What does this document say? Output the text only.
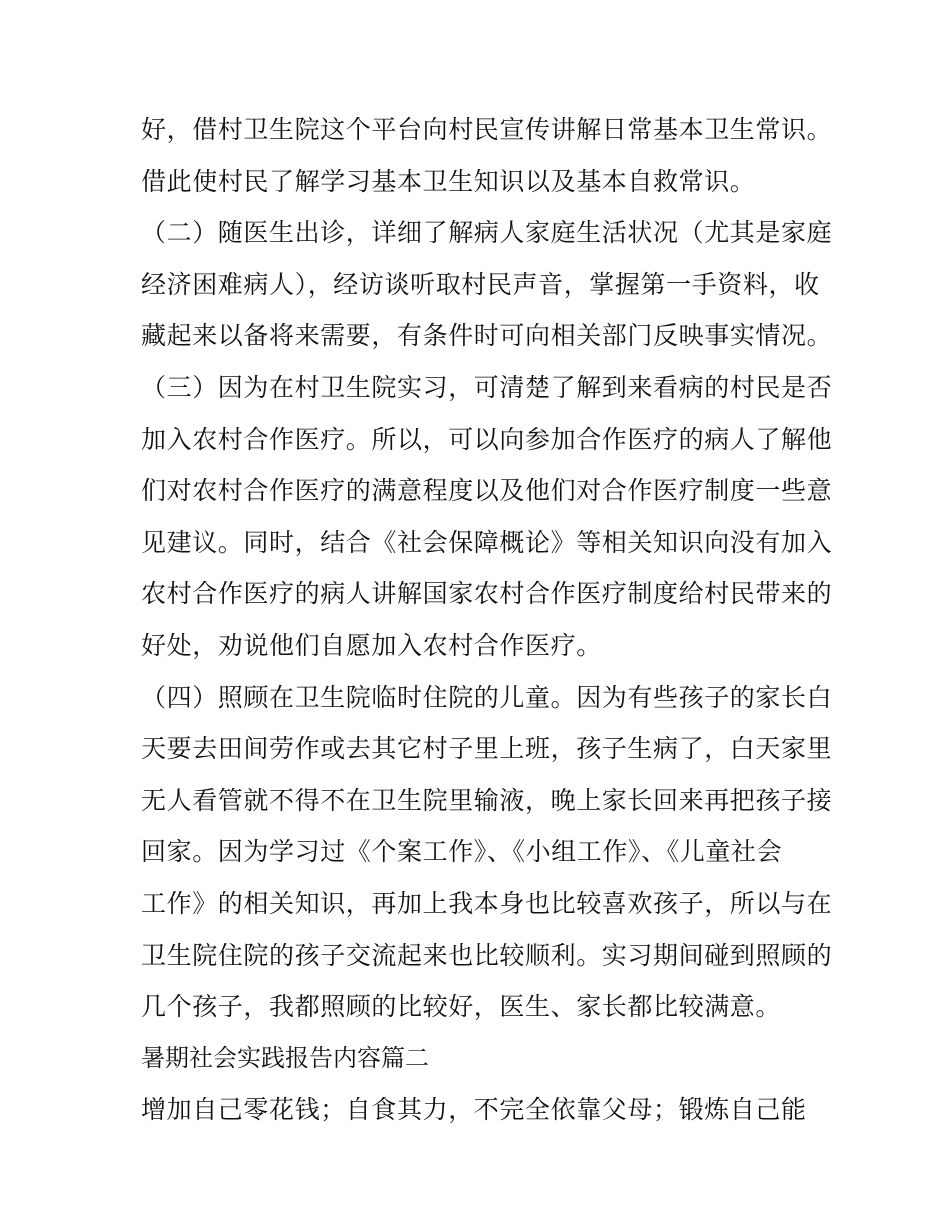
好，借村卫生院这个平台向村民宣传讲解日常基本卫生常识。
借此使村民了解学习基本卫生知识以及基本自救常识。
（二）随医生出诊，详细了解病人家庭生活状况（尤其是家庭
经济困难病人），经访谈听取村民声音，掌握第一手资料，收
藏起来以备将来需要，有条件时可向相关部门反映事实情况。
（三）因为在村卫生院实习，可清楚了解到来看病的村民是否
加入农村合作医疗。所以，可以向参加合作医疗的病人了解他
们对农村合作医疗的满意程度以及他们对合作医疗制度一些意
见建议。同时，结合《社会保障概论》等相关知识向没有加入
农村合作医疗的病人讲解国家农村合作医疗制度给村民带来的
好处，劝说他们自愿加入农村合作医疗。
（四）照顾在卫生院临时住院的儿童。因为有些孩子的家长白
天要去田间劳作或去其它村子里上班，孩子生病了，白天家里
无人看管就不得不在卫生院里输液，晚上家长回来再把孩子接
回家。因为学习过《个案工作》、《小组工作》、《儿童社会
工作》的相关知识，再加上我本身也比较喜欢孩子，所以与在
卫生院住院的孩子交流起来也比较顺利。实习期间碰到照顾的
几个孩子，我都照顾的比较好，医生、家长都比较满意。
暑期社会实践报告内容篇二
增加自己零花钱；自食其力，不完全依靠父母；锻炼自己能
